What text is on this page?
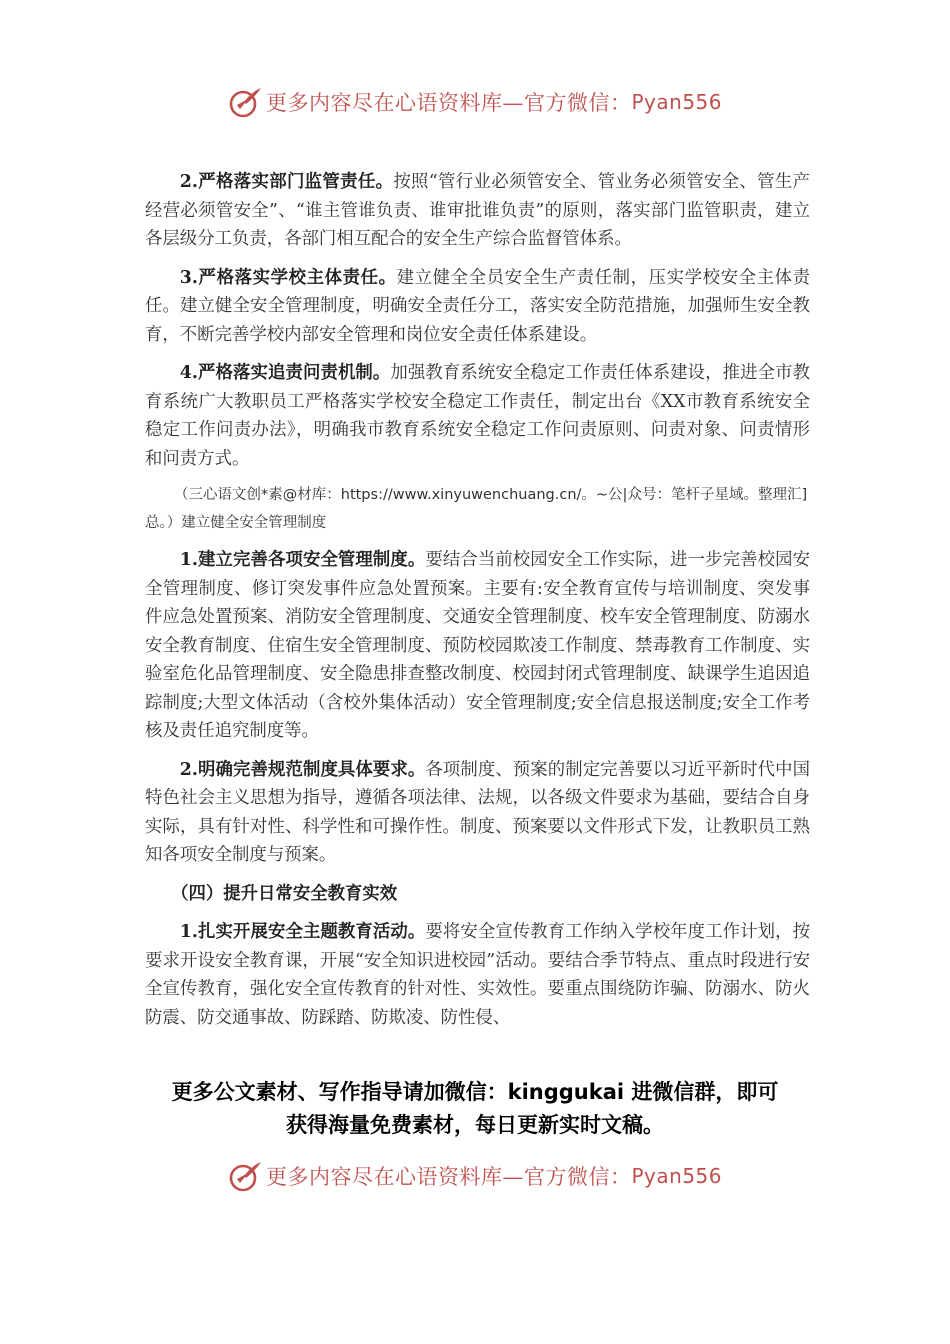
更多内容尽在心语资料库—官方微信： Pyan556

2.严格落实部门监管责任。按照“管行业必须管安全、管业务必须管安全、管生产经营必须管安全”、“谁主管谁负责、谁审批谁负责”的原则，落实部门监管职责，建立各层级分工负责，各部门相互配合的安全生产综合监督管体系。

3.严格落实学校主体责任。建立健全全员安全生产责任制，压实学校安全主体责任。建立健全安全管理制度，明确安全责任分工，落实安全防范措施，加强师生安全教育，不断完善学校内部安全管理和岗位安全责任体系建设。

4.严格落实追责问责机制。加强教育系统安全稳定工作责任体系建设，推进全市教育系统广大教职员工严格落实学校安全稳定工作责任，制定出台《XX市教育系统安全稳定工作问责办法》，明确我市教育系统安全稳定工作问责原则、问责对象、问责情形和问责方式。

（三心语文创*素@材库：https://www.xinyuwenchuang.cn/。~公|众号：笔杆子星域。整理汇]总。）建立健全安全管理制度

1.建立完善各项安全管理制度。要结合当前校园安全工作实际，进一步完善校园安全管理制度、修订突发事件应急处置预案。主要有:安全教育宣传与培训制度、突发事件应急处置预案、消防安全管理制度、交通安全管理制度、校车安全管理制度、防溺水安全教育制度、住宿生安全管理制度、预防校园欺凌工作制度、禁毒教育工作制度、实验室危化品管理制度、安全隐患排查整改制度、校园封闭式管理制度、缺课学生追因追踪制度;大型文体活动（含校外集体活动）安全管理制度;安全信息报送制度;安全工作考核及责任追究制度等。

2.明确完善规范制度具体要求。各项制度、预案的制定完善要以习近平新时代中国特色社会主义思想为指导，遵循各项法律、法规，以各级文件要求为基础，要结合自身实际，具有针对性、科学性和可操作性。制度、预案要以文件形式下发，让教职员工熟知各项安全制度与预案。

（四）提升日常安全教育实效

1.扎实开展安全主题教育活动。要将安全宣传教育工作纳入学校年度工作计划，按要求开设安全教育课，开展“安全知识进校园”活动。要结合季节特点、重点时段进行安全宣传教育，强化安全宣传教育的针对性、实效性。要重点围绕防诈骗、防溺水、防火防震、防交通事故、防踩踏、防欺凌、防性侵、

更多公文素材、写作指导请加微信：kinggukai 进微信群，即可
获得海量免费素材，每日更新实时文稿。
更多内容尽在心语资料库—官方微信： Pyan556
